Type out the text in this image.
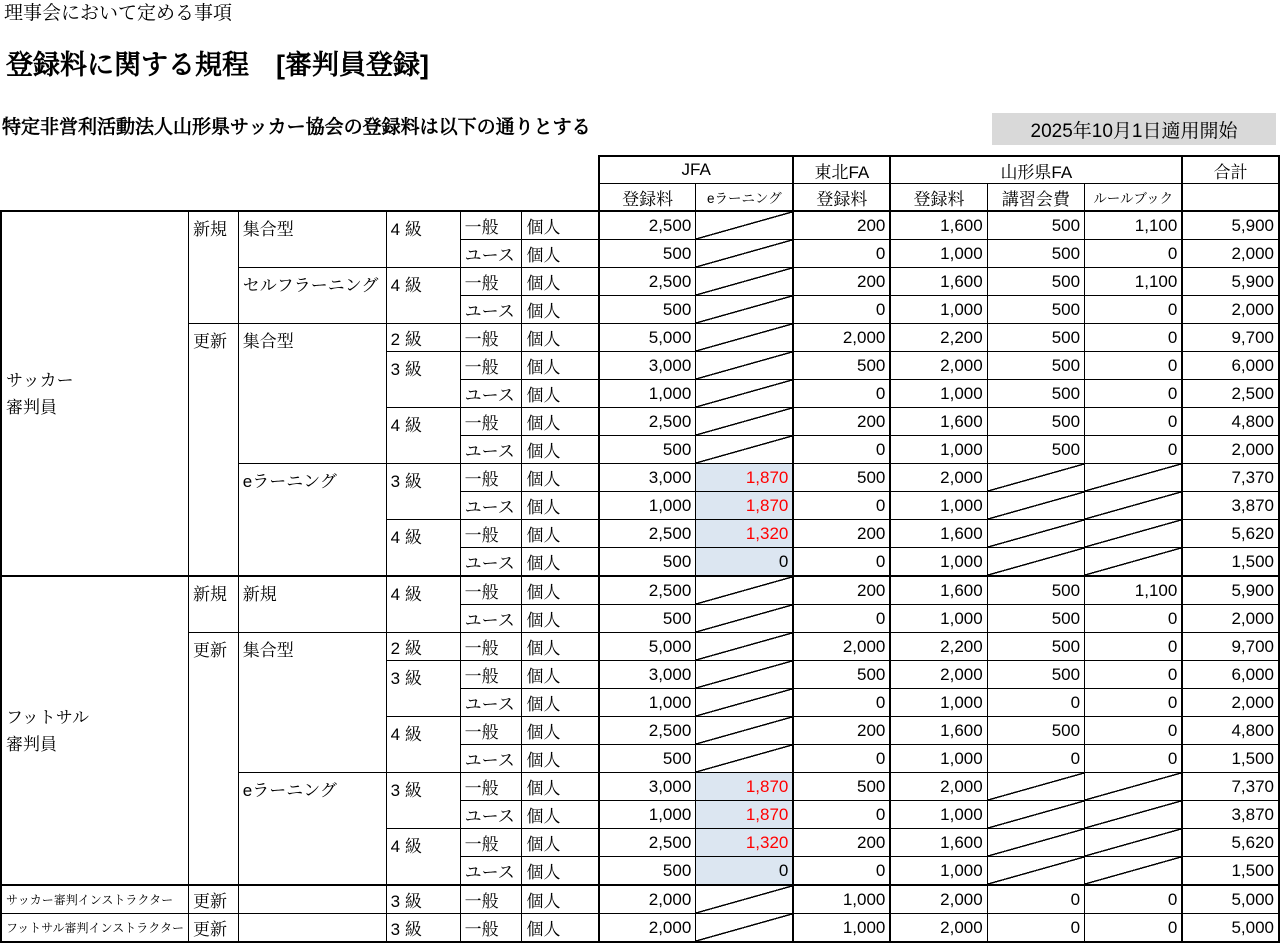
理事会において定める事項
登録料に関する規程　[審判員登録]
特定非営利活動法人山形県サッカー協会の登録料は以下の通りとする	2025年10月1日適用開始
						JFA		東北FA	山形県FA			合計
						登録料	eラーニング	登録料	登録料	講習会費	ルールブック	

サッカー
審判員	新規	集合型	4 級	一般	個人	2,500		200	1,600	500	1,100	5,900
				ユース	個人	500		0	1,000	500	0	2,000
		セルフラーニング	4 級	一般	個人	2,500		200	1,600	500	1,100	5,900
				ユース	個人	500		0	1,000	500	0	2,000
	更新	集合型	2 級	一般	個人	5,000		2,000	2,200	500	0	9,700
			3 級	一般	個人	3,000		500	2,000	500	0	6,000
				ユース	個人	1,000		0	1,000	500	0	2,500
			4 級	一般	個人	2,500		200	1,600	500	0	4,800
				ユース	個人	500		0	1,000	500	0	2,000
		eラーニング	3 級	一般	個人	3,000	1,870	500	2,000			7,370
				ユース	個人	1,000	1,870	0	1,000			3,870
			4 級	一般	個人	2,500	1,320	200	1,600			5,620
				ユース	個人	500	0	0	1,000			1,500

フットサル
審判員	新規	新規	4 級	一般	個人	2,500		200	1,600	500	1,100	5,900
				ユース	個人	500		0	1,000	500	0	2,000
	更新	集合型	2 級	一般	個人	5,000		2,000	2,200	500	0	9,700
			3 級	一般	個人	3,000		500	2,000	500	0	6,000
				ユース	個人	1,000		0	1,000	0	0	2,000
			4 級	一般	個人	2,500		200	1,600	500	0	4,800
				ユース	個人	500		0	1,000	0	0	1,500
		eラーニング	3 級	一般	個人	3,000	1,870	500	2,000			7,370
				ユース	個人	1,000	1,870	0	1,000			3,870
			4 級	一般	個人	2,500	1,320	200	1,600			5,620
				ユース	個人	500	0	0	1,000			1,500
サッカー審判インストラクター	更新		3 級	一般	個人	2,000		1,000	2,000	0	0	5,000
フットサル審判インストラクター	更新		3 級	一般	個人	2,000		1,000	2,000	0	0	5,000
